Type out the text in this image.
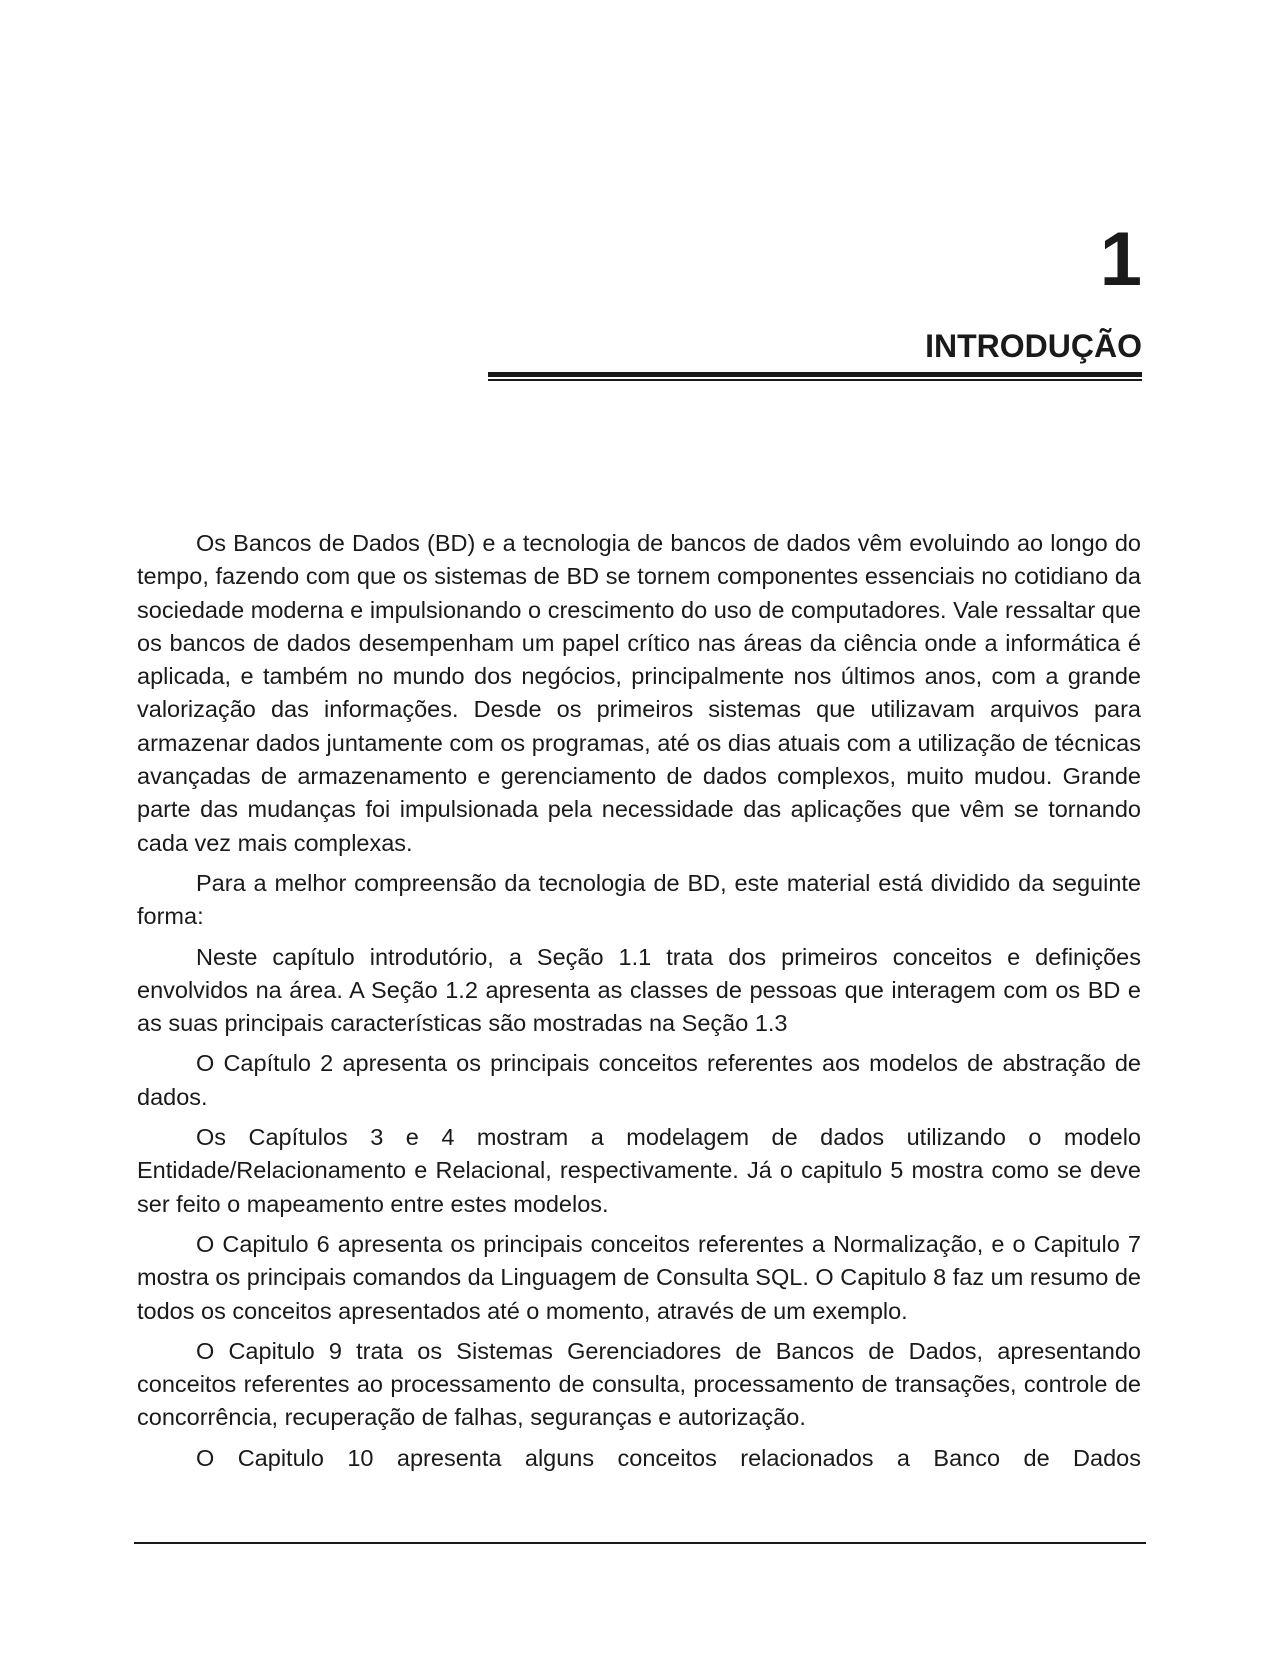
1
INTRODUÇÃO

Os Bancos de Dados (BD) e a tecnologia de bancos de dados vêm evoluindo ao longo do tempo, fazendo com que os sistemas de BD se tornem componentes essenciais no cotidiano da sociedade moderna e impulsionando o crescimento do uso de computadores. Vale ressaltar que os bancos de dados desempenham um papel crítico nas áreas da ciência onde a informática é aplicada, e também no mundo dos negócios, principalmente nos últimos anos, com a grande valorização das informações. Desde os primeiros sistemas que utilizavam arquivos para armazenar dados juntamente com os programas, até os dias atuais com a utilização de técnicas avançadas de armazenamento e gerenciamento de dados complexos, muito mudou. Grande parte das mudanças foi impulsionada pela necessidade das aplicações que vêm se tornando cada vez mais complexas.

Para a melhor compreensão da tecnologia de BD, este material está dividido da seguinte forma:

Neste capítulo introdutório, a Seção 1.1 trata dos primeiros conceitos e definições envolvidos na área. A Seção 1.2 apresenta as classes de pessoas que interagem com os BD e as suas principais características são mostradas na Seção 1.3

O Capítulo 2 apresenta os principais conceitos referentes aos modelos de abstração de dados.

Os Capítulos 3 e 4 mostram a modelagem de dados utilizando o modelo Entidade/Relacionamento e Relacional, respectivamente. Já o capitulo 5 mostra como se deve ser feito o mapeamento entre estes modelos.

O Capitulo 6 apresenta os principais conceitos referentes a Normalização, e o Capitulo 7 mostra os principais comandos da Linguagem de Consulta SQL. O Capitulo 8 faz um resumo de todos os conceitos apresentados até o momento, através de um exemplo.

O Capitulo 9 trata os Sistemas Gerenciadores de Bancos de Dados, apresentando conceitos referentes ao processamento de consulta, processamento de transações, controle de concorrência, recuperação de falhas, seguranças e autorização.

O Capitulo 10 apresenta alguns conceitos relacionados a Banco de Dados
